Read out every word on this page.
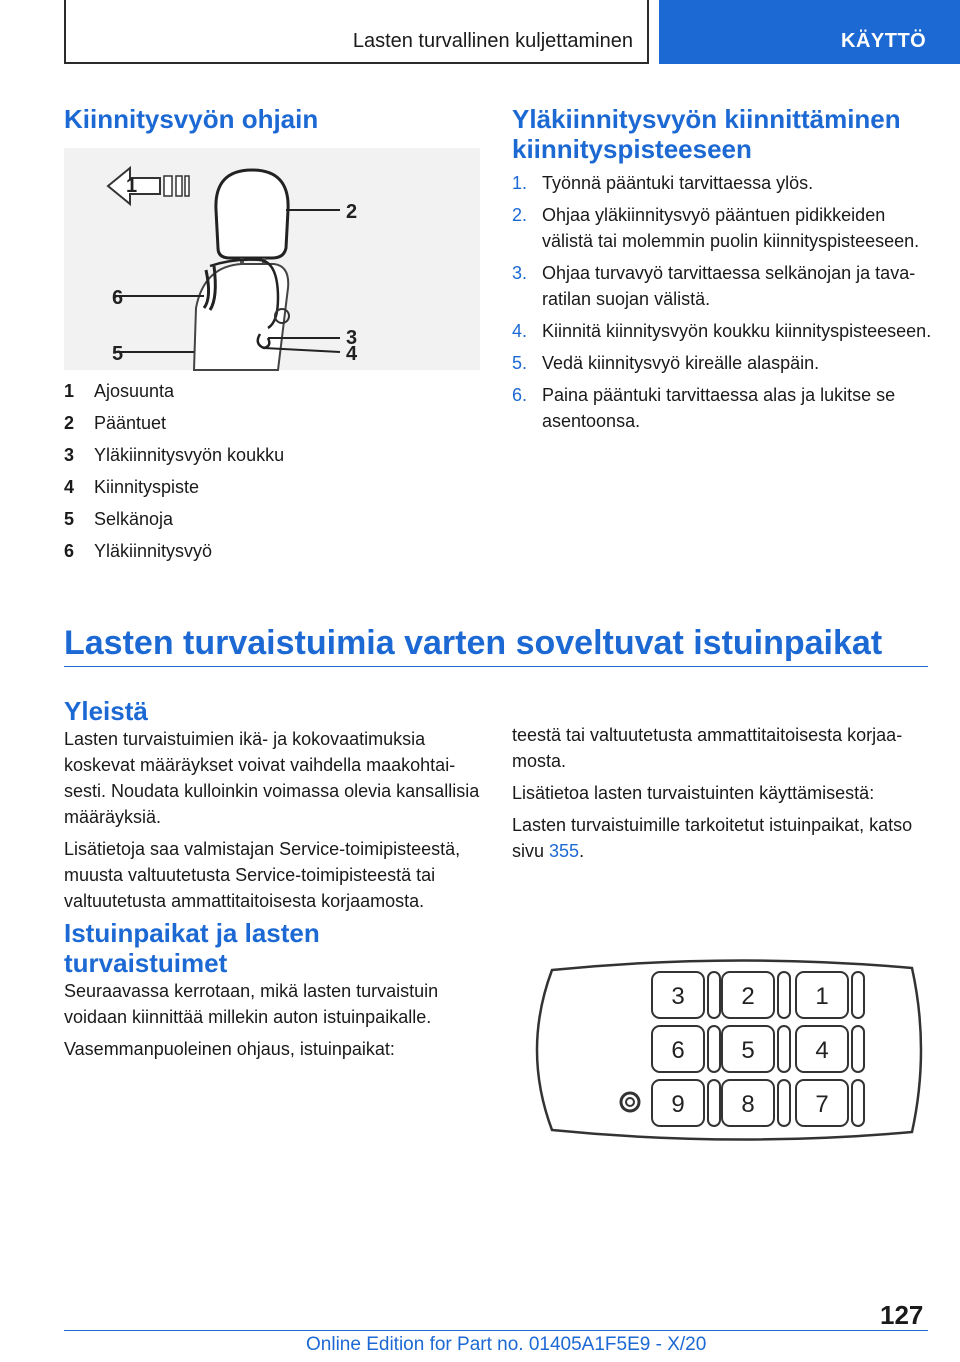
Lasten turvallinen kuljettaminen	KÄYTTÖ
Kiinnitysvyön ohjain
1
2
3
4
5
6
1	Ajosuunta
2	Pääntuet
3	Yläkiinnitysvyön koukku
4	Kiinnityspiste
5	Selkänoja
6	Yläkiinnitysvyö
Yläkiinnitysvyön kiinnittäminen
kiinnityspisteeseen
1. Työnnä pääntuki tarvittaessa ylös.
2. Ohjaa yläkiinnitysvyö pääntuen pidikkeiden välistä tai molemmin puolin kiinnityspisteeseen.
3. Ohjaa turvavyö tarvittaessa selkänojan ja tavaratilan suojan välistä.
4. Kiinnitä kiinnitysvyön koukku kiinnityspisteeseen.
5. Vedä kiinnitysvyö kireälle alaspäin.
6. Paina pääntuki tarvittaessa alas ja lukitse se asentoonsa.
Lasten turvaistuimia varten soveltuvat istuinpaikat
Yleistä

Lasten turvaistuimien ikä- ja kokovaatimuksia koskevat määräykset voivat vaihdella maakohtaisesti. Noudata kulloinkin voimassa olevia kansallisia määräyksiä.

Lisätietoja saa valmistajan Service-toimipisteestä, muusta valtuutetusta Service-toimipisteestä tai valtuutetusta ammattitaitoisesta korjaamosta.

Istuinpaikat ja lasten turvaistuimet

Seuraavassa kerrotaan, mikä lasten turvaistuin voidaan kiinnittää millekin auton istuinpaikalle.

Vasemmanpuoleinen ohjaus, istuinpaikat:

teestä tai valtuutetusta ammattitaitoisesta korjaamosta.

Lisätietoa lasten turvaistuinten käyttämisestä:

Lasten turvaistuimille tarkoitetut istuinpaikat, katso sivu 355.

3
6
9
2
5
8
1
4
7
127
Online Edition for Part no. 01405A1F5E9 - X/20
